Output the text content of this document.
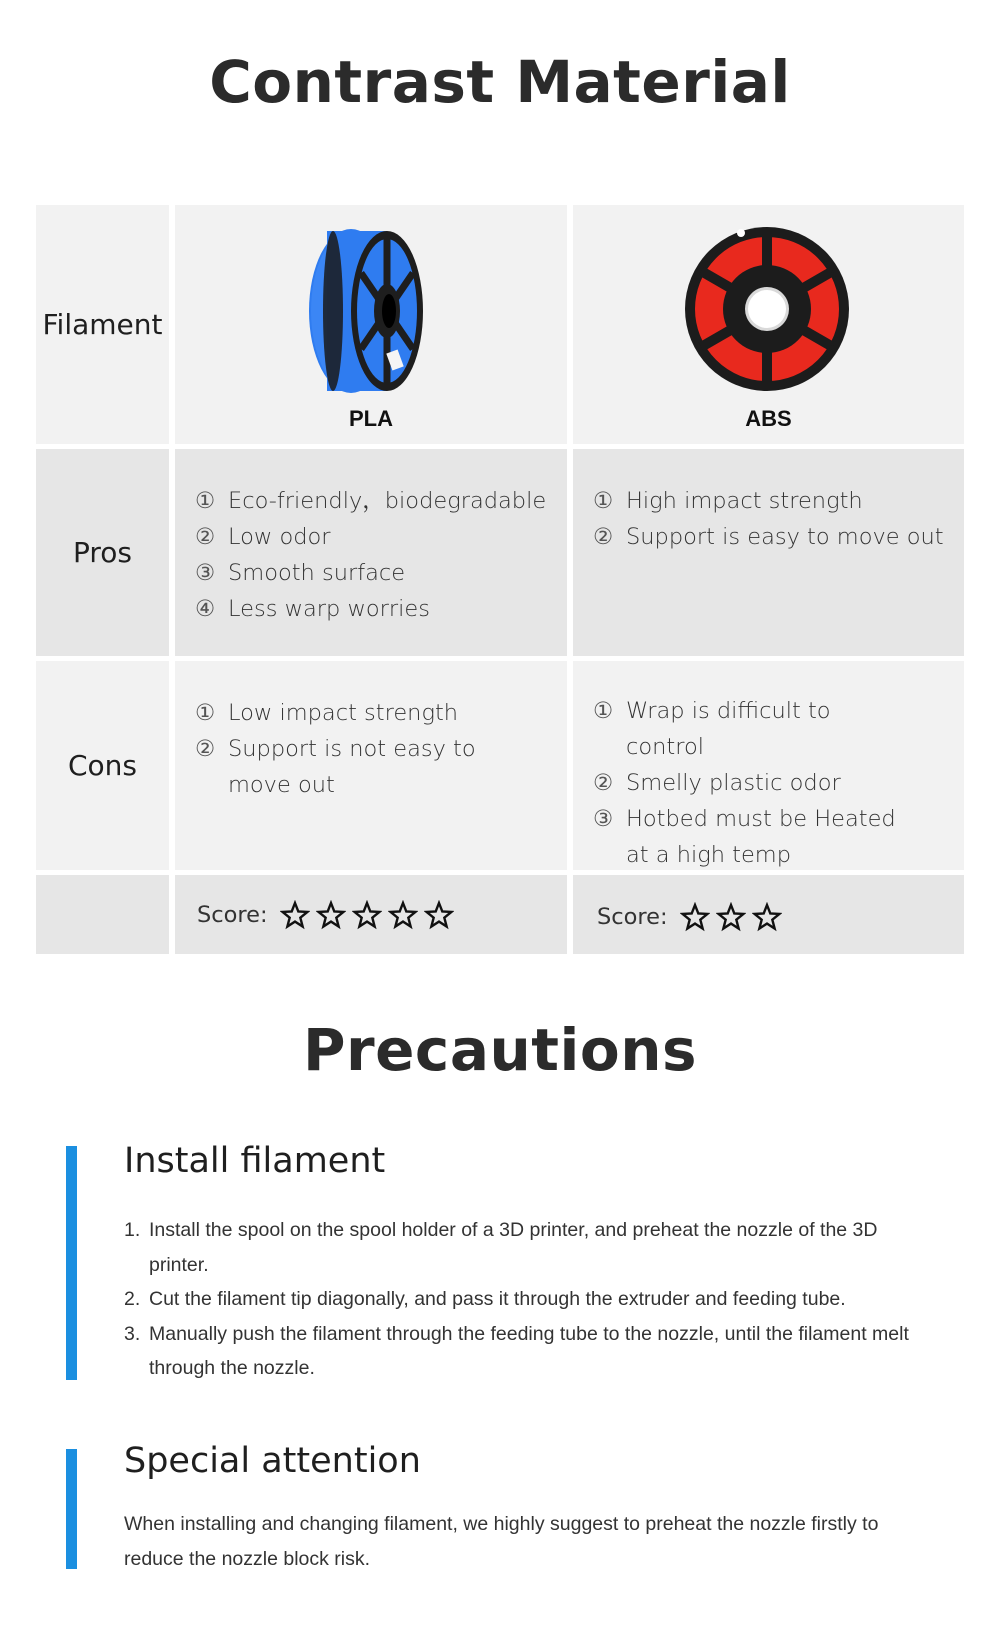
Contrast Material
Filament
PLA	ABS
Pros
① Eco-friendly，biodegradable
② Low odor
③ Smooth surface
④ Less warp worries
① High impact strength
② Support is easy to move out
Cons
① Low impact strength
② Support is not easy to move out
① Wrap is difficult to control
② Smelly plastic odor
③ Hotbed must be Heated at a high temp
Score:	Score:
Precautions
Install filament
1. Install the spool on the spool holder of a 3D printer, and preheat the nozzle of the 3D printer.
2. Cut the filament tip diagonally, and pass it through the extruder and feeding tube.
3. Manually push the filament through the feeding tube to the nozzle, until the filament melt through the nozzle.
Special attention
When installing and changing filament, we highly suggest to preheat the nozzle firstly to reduce the nozzle block risk.
